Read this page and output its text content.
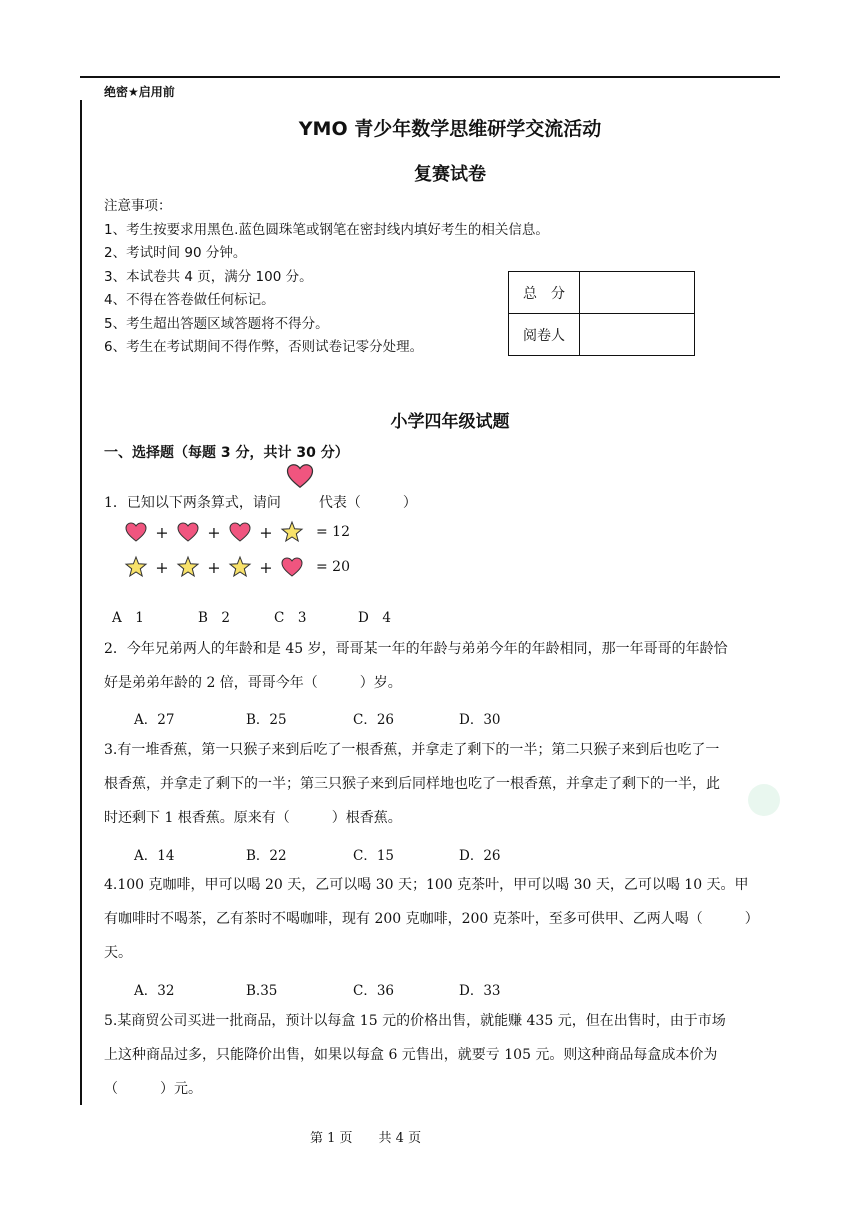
绝密★启用前
YMO 青少年数学思维研学交流活动
复赛试卷
注意事项：
1、考生按要求用黑色.蓝色圆珠笔或钢笔在密封线内填好考生的相关信息。
2、考试时间 90 分钟。
3、本试卷共 4 页，满分 100 分。
4、不得在答卷做任何标记。
5、考生超出答题区域答题将不得分。
6、考生在考试期间不得作弊，否则试卷记零分处理。
总　分	
阅卷人	
小学四年级试题
一、选择题（每题 3 分，共计 30 分）
1．已知以下两条算式，请问	代表（　　　）
+	+	+	= 12
+	+	+	= 20
A　1	B　2	C　3	D　4
2．今年兄弟两人的年龄和是 45 岁，哥哥某一年的年龄与弟弟今年的年龄相同，那一年哥哥的年龄恰
好是弟弟年龄的 2 倍，哥哥今年（　　　）岁。
A．27	B．25	C．26	D．30
3.有一堆香蕉，第一只猴子来到后吃了一根香蕉，并拿走了剩下的一半；第二只猴子来到后也吃了一
根香蕉，并拿走了剩下的一半；第三只猴子来到后同样地也吃了一根香蕉，并拿走了剩下的一半，此
时还剩下 1 根香蕉。原来有（　　　）根香蕉。
A．14	B．22	C．15	D．26
4.100 克咖啡，甲可以喝 20 天，乙可以喝 30 天；100 克茶叶，甲可以喝 30 天，乙可以喝 10 天。甲
有咖啡时不喝茶，乙有茶时不喝咖啡，现有 200 克咖啡，200 克茶叶，至多可供甲、乙两人喝（　　　）
天。
A．32	B.35	C．36	D．33
5.某商贸公司买进一批商品，预计以每盒 15 元的价格出售，就能赚 435 元，但在出售时，由于市场
上这种商品过多，只能降价出售，如果以每盒 6 元售出，就要亏 105 元。则这种商品每盒成本价为
（　　　）元。
第 1 页 共 4 页
